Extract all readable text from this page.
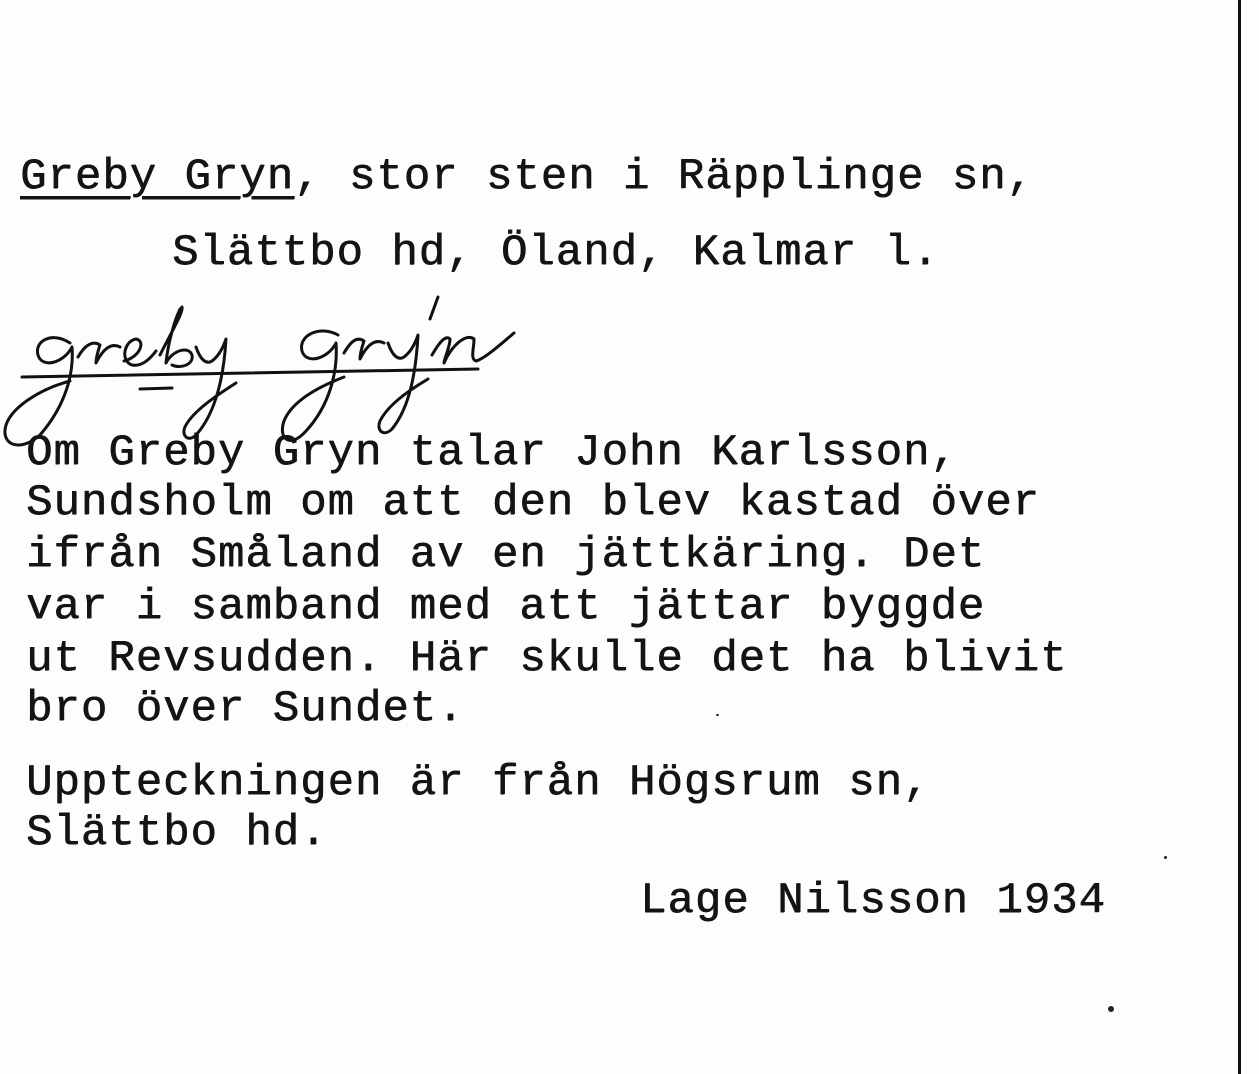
Greby Gryn, stor sten i Räpplinge sn,
Slättbo hd, Öland, Kalmar l.
Om Greby Gryn talar John Karlsson,
Sundsholm om att den blev kastad över
ifrån Småland av en jättkäring. Det
var i samband med att jättar byggde
ut Revsudden. Här skulle det ha blivit
bro över Sundet.
Uppteckningen är från Högsrum sn,
Slättbo hd.
Lage Nilsson 1934
